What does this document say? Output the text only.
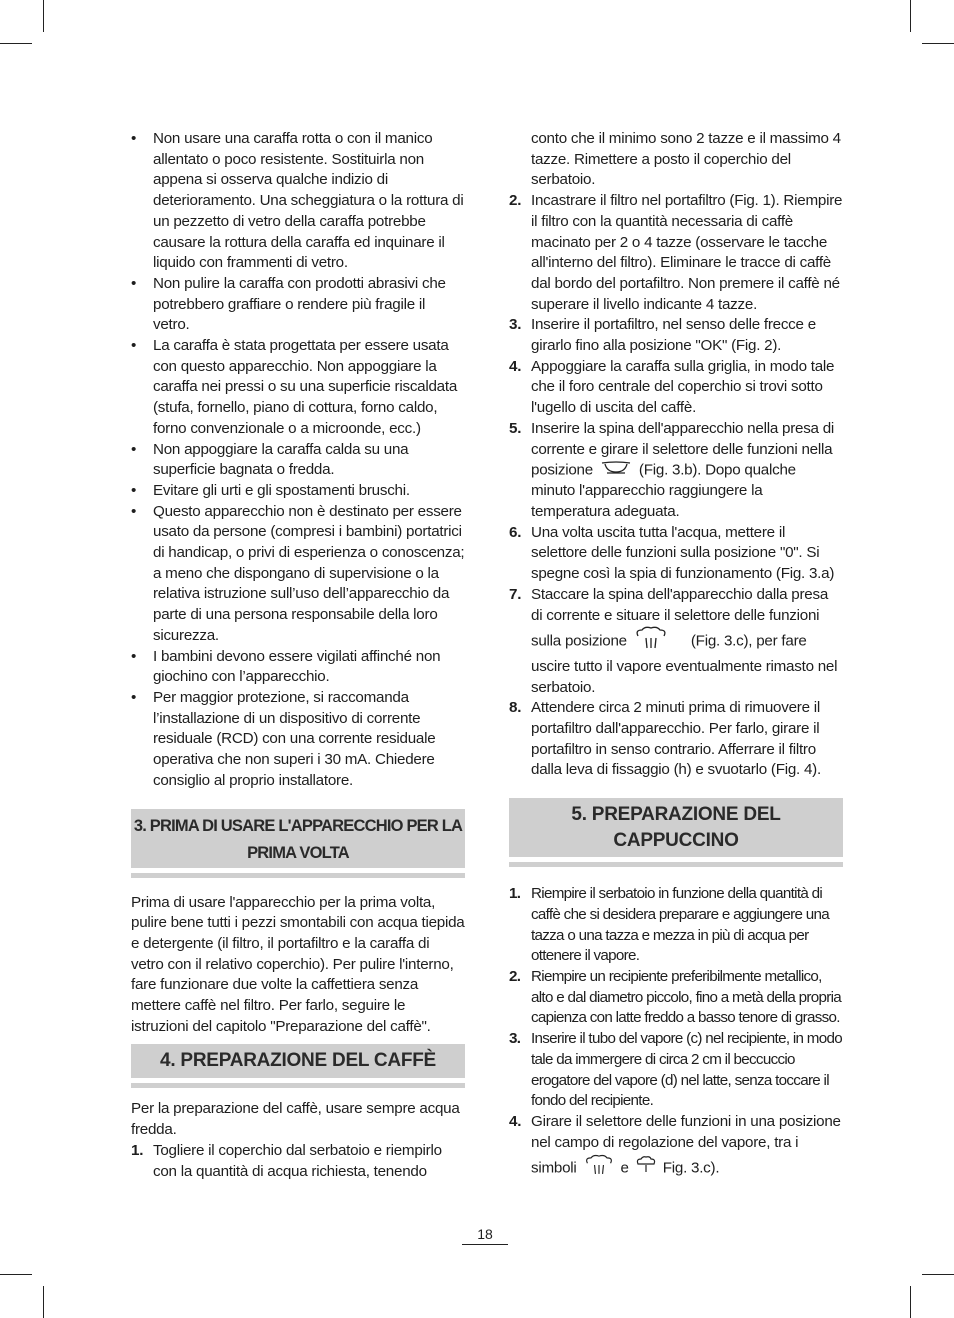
• Non usare una caraffa rotta o con il manico allentato o poco resistente. Sostituirla non appena si osserva qualche indizio di deterioramento. Una scheggiatura o la rottura di un pezzetto di vetro della caraffa potrebbe causare la rottura della caraffa ed inquinare il liquido con frammenti di vetro.
• Non pulire la caraffa con prodotti abrasivi che potrebbero graffiare o rendere più fragile il vetro.
• La caraffa è stata progettata per essere usata con questo apparecchio. Non appoggiare la caraffa nei pressi o su una superficie riscaldata (stufa, fornello, piano di cottura, forno caldo, forno convenzionale o a microonde, ecc.)
• Non appoggiare la caraffa calda su una superficie bagnata o fredda.
• Evitare gli urti e gli spostamenti bruschi.
• Questo apparecchio non è destinato per essere usato da persone (compresi i bambini) portatrici di handicap, o privi di esperienza o conoscenza; a meno che dispongano di supervisione o la relativa istruzione sull’uso dell’apparecchio da parte di una persona responsabile della loro sicurezza.
• I bambini devono essere vigilati affinché non giochino con l’apparecchio.
• Per maggior protezione, si raccomanda l’installazione di un dispositivo di corrente residuale (RCD) con una corrente residuale operativa che non superi i 30 mA. Chiedere consiglio al proprio installatore.
3. PRIMA DI USARE L'APPARECCHIO PER LA PRIMA VOLTA

Prima di usare l'apparecchio per la prima volta, pulire bene tutti i pezzi smontabili con acqua tiepida e detergente (il filtro, il portafiltro e la caraffa di vetro con il relativo coperchio). Per pulire l'interno, fare funzionare due volte la caffettiera senza mettere caffè nel filtro. Per farlo, seguire le istruzioni del capitolo "Preparazione del caffè".

4. PREPARAZIONE DEL CAFFÈ

Per la preparazione del caffè, usare sempre acqua fredda.

1. Togliere il coperchio dal serbatoio e riempirlo con la quantità di acqua richiesta, tenendo
conto che il minimo sono 2 tazze e il massimo 4 tazze. Rimettere a posto il coperchio del serbatoio.
2. Incastrare il filtro nel portafiltro (Fig. 1). Riempire il filtro con la quantità necessaria di caffè macinato per 2 o 4 tazze (osservare le tacche all'interno del filtro). Eliminare le tracce di caffè dal bordo del portafiltro. Non premere il caffè né superare il livello indicante 4 tazze.
3. Inserire il portafiltro, nel senso delle frecce e girarlo fino alla posizione "OK" (Fig. 2).
4. Appoggiare la caraffa sulla griglia, in modo tale che il foro centrale del coperchio si trovi sotto l'ugello di uscita del caffè.
5. Inserire la spina dell'apparecchio nella presa di corrente e girare il selettore delle funzioni nella posizione	(Fig. 3.b). Dopo qualche minuto l'apparecchio raggiungere la temperatura adeguata.
6. Una volta uscita tutta l'acqua, mettere il selettore delle funzioni sulla posizione "0". Si spegne così la spia di funzionamento (Fig. 3.a)
7. Staccare la spina dell'apparecchio dalla presa di corrente e situare il selettore delle funzioni sulla posizione	(Fig. 3.c), per fare uscire tutto il vapore eventualmente rimasto nel serbatoio.
8. Attendere circa 2 minuti prima di rimuovere il portafiltro dall'apparecchio. Per farlo, girare il portafiltro in senso contrario. Afferrare il filtro dalla leva di fissaggio (h) e svuotarlo (Fig. 4).
5. PREPARAZIONE DEL CAPPUCCINO
1. Riempire il serbatoio in funzione della quantità di caffè che si desidera preparare e aggiungere una tazza o una tazza e mezza in più di acqua per ottenere il vapore.
2. Riempire un recipiente preferibilmente metallico, alto e dal diametro piccolo, fino a metà della propria capienza con latte freddo a basso tenore di grasso.
3. Inserire il tubo del vapore (c) nel recipiente, in modo tale da immergere di circa 2 cm il beccuccio erogatore del vapore (d) nel latte, senza toccare il fondo del recipiente.
4. Girare il selettore delle funzioni in una posizione nel campo di regolazione del vapore, tra i simboli	e Fig. 3.c).
18
